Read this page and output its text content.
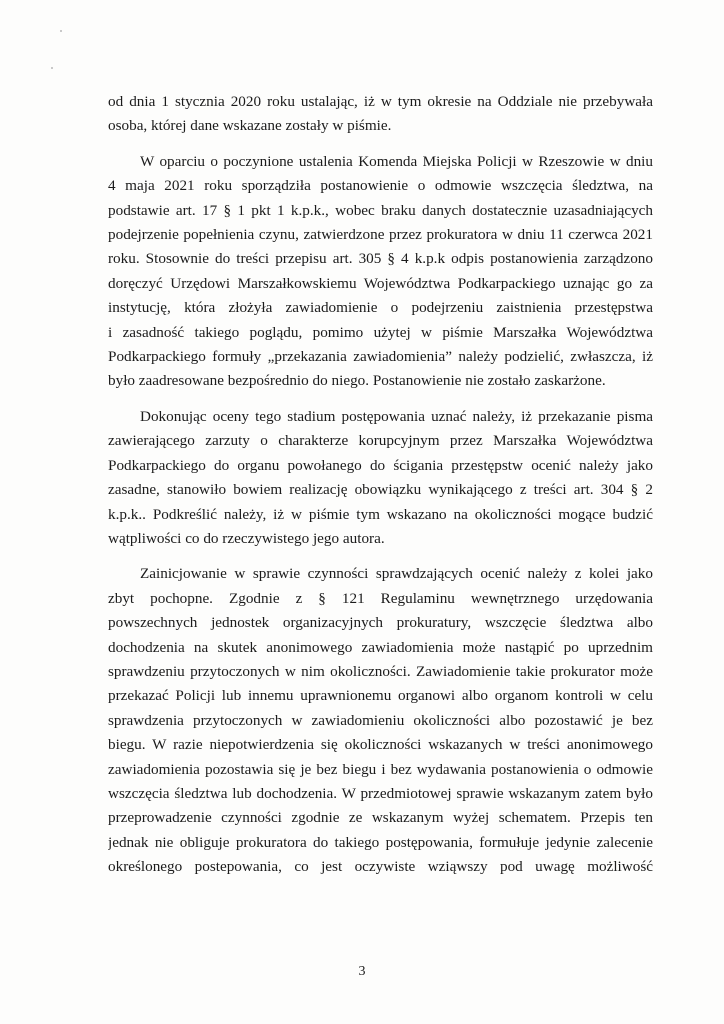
od dnia 1 stycznia 2020 roku ustalając, iż w tym okresie na Oddziale nie przebywała
osoba, której dane wskazane zostały w piśmie.
W oparciu o poczynione ustalenia Komenda Miejska Policji w Rzeszowie w dniu
4 maja 2021 roku sporządziła postanowienie o odmowie wszczęcia śledztwa, na
podstawie art. 17 § 1 pkt 1 k.p.k., wobec braku danych dostatecznie uzasadniających
podejrzenie popełnienia czynu, zatwierdzone przez prokuratora w dniu 11 czerwca 2021
roku. Stosownie do treści przepisu art. 305 § 4 k.p.k odpis postanowienia zarządzono
doręczyć Urzędowi Marszałkowskiemu Województwa Podkarpackiego uznając go za
instytucję, która złożyła zawiadomienie o podejrzeniu zaistnienia przestępstwa
i zasadność takiego poglądu, pomimo użytej w piśmie Marszałka Województwa
Podkarpackiego formuły „przekazania zawiadomienia” należy podzielić, zwłaszcza, iż
było zaadresowane bezpośrednio do niego. Postanowienie nie zostało zaskarżone.
Dokonując oceny tego stadium postępowania uznać należy, iż przekazanie pisma
zawierającego zarzuty o charakterze korupcyjnym przez Marszałka Województwa
Podkarpackiego do organu powołanego do ścigania przestępstw ocenić należy jako
zasadne, stanowiło bowiem realizację obowiązku wynikającego z treści art. 304 § 2
k.p.k.. Podkreślić należy, iż w piśmie tym wskazano na okoliczności mogące budzić
wątpliwości co do rzeczywistego jego autora.
Zainicjowanie w sprawie czynności sprawdzających ocenić należy z kolei jako
zbyt pochopne. Zgodnie z § 121 Regulaminu wewnętrznego urzędowania
powszechnych jednostek organizacyjnych prokuratury, wszczęcie śledztwa albo
dochodzenia na skutek anonimowego zawiadomienia może nastąpić po uprzednim
sprawdzeniu przytoczonych w nim okoliczności. Zawiadomienie takie prokurator może
przekazać Policji lub innemu uprawnionemu organowi albo organom kontroli w celu
sprawdzenia przytoczonych w zawiadomieniu okoliczności albo pozostawić je bez
biegu. W razie niepotwierdzenia się okoliczności wskazanych w treści anonimowego
zawiadomienia pozostawia się je bez biegu i bez wydawania postanowienia o odmowie
wszczęcia śledztwa lub dochodzenia. W przedmiotowej sprawie wskazanym zatem było
przeprowadzenie czynności zgodnie ze wskazanym wyżej schematem. Przepis ten
jednak nie obliguje prokuratora do takiego postępowania, formułuje jedynie zalecenie
określonego postepowania, co jest oczywiste wziąwszy pod uwagę możliwość
3
